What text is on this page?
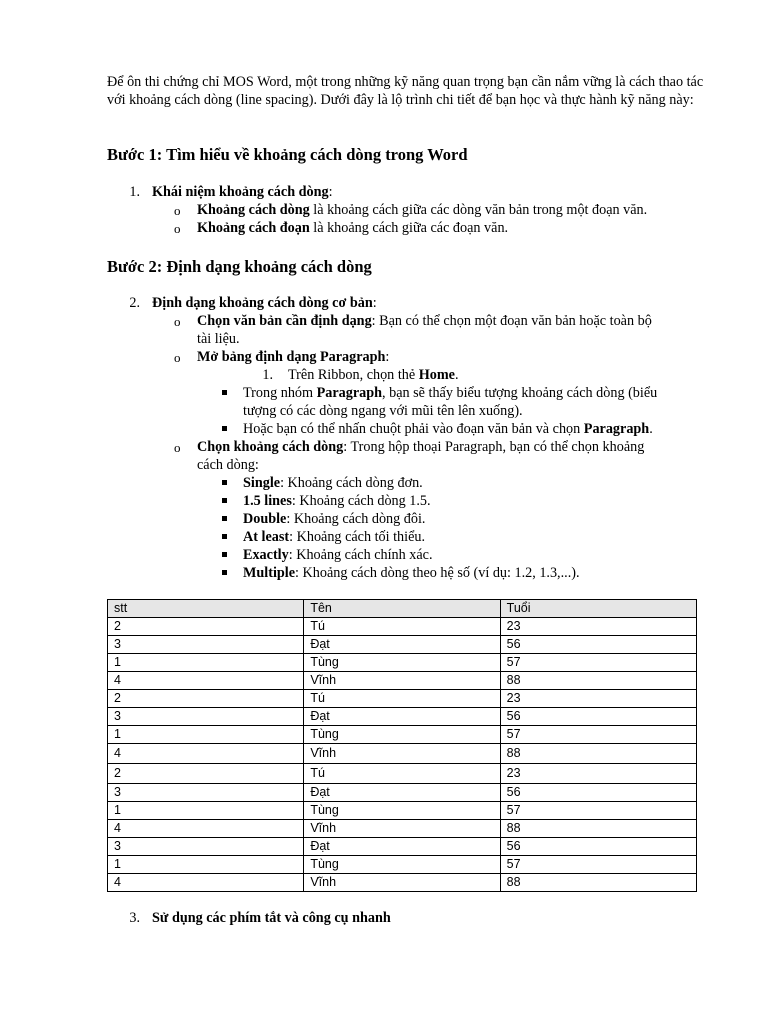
Để ôn thi chứng chỉ MOS Word, một trong những kỹ năng quan trọng bạn cần nắm vững là cách thao tác với khoảng cách dòng (line spacing). Dưới đây là lộ trình chi tiết để bạn học và thực hành kỹ năng này:
Bước 1: Tìm hiểu về khoảng cách dòng trong Word
1. Khái niệm khoảng cách dòng:
o Khoảng cách dòng là khoảng cách giữa các dòng văn bản trong một đoạn văn.
o Khoảng cách đoạn là khoảng cách giữa các đoạn văn.
Bước 2: Định dạng khoảng cách dòng
2. Định dạng khoảng cách dòng cơ bản:
o Chọn văn bản cần định dạng: Bạn có thể chọn một đoạn văn bản hoặc toàn bộ
tài liệu.
o Mở bảng định dạng Paragraph:
1. Trên Ribbon, chọn thẻ Home.
Trong nhóm Paragraph, bạn sẽ thấy biểu tượng khoảng cách dòng (biểu
tượng có các dòng ngang với mũi tên lên xuống).
Hoặc bạn có thể nhấn chuột phải vào đoạn văn bản và chọn Paragraph.
o Chọn khoảng cách dòng: Trong hộp thoại Paragraph, bạn có thể chọn khoảng
cách dòng:
Single: Khoảng cách dòng đơn.
1.5 lines: Khoảng cách dòng 1.5.
Double: Khoảng cách dòng đôi.
At least: Khoảng cách tối thiểu.
Exactly: Khoảng cách chính xác.
Multiple: Khoảng cách dòng theo hệ số (ví dụ: 1.2, 1.3,...).
stt	Tên	Tuổi
2	Tú	23
3	Đạt	56
1	Tùng	57
4	Vĩnh	88
2	Tú	23
3	Đạt	56
1	Tùng	57
4	Vĩnh	88
2	Tú	23
3	Đạt	56
1	Tùng	57
4	Vĩnh	88
3	Đạt	56
1	Tùng	57
4	Vĩnh	88
3. Sử dụng các phím tắt và công cụ nhanh
